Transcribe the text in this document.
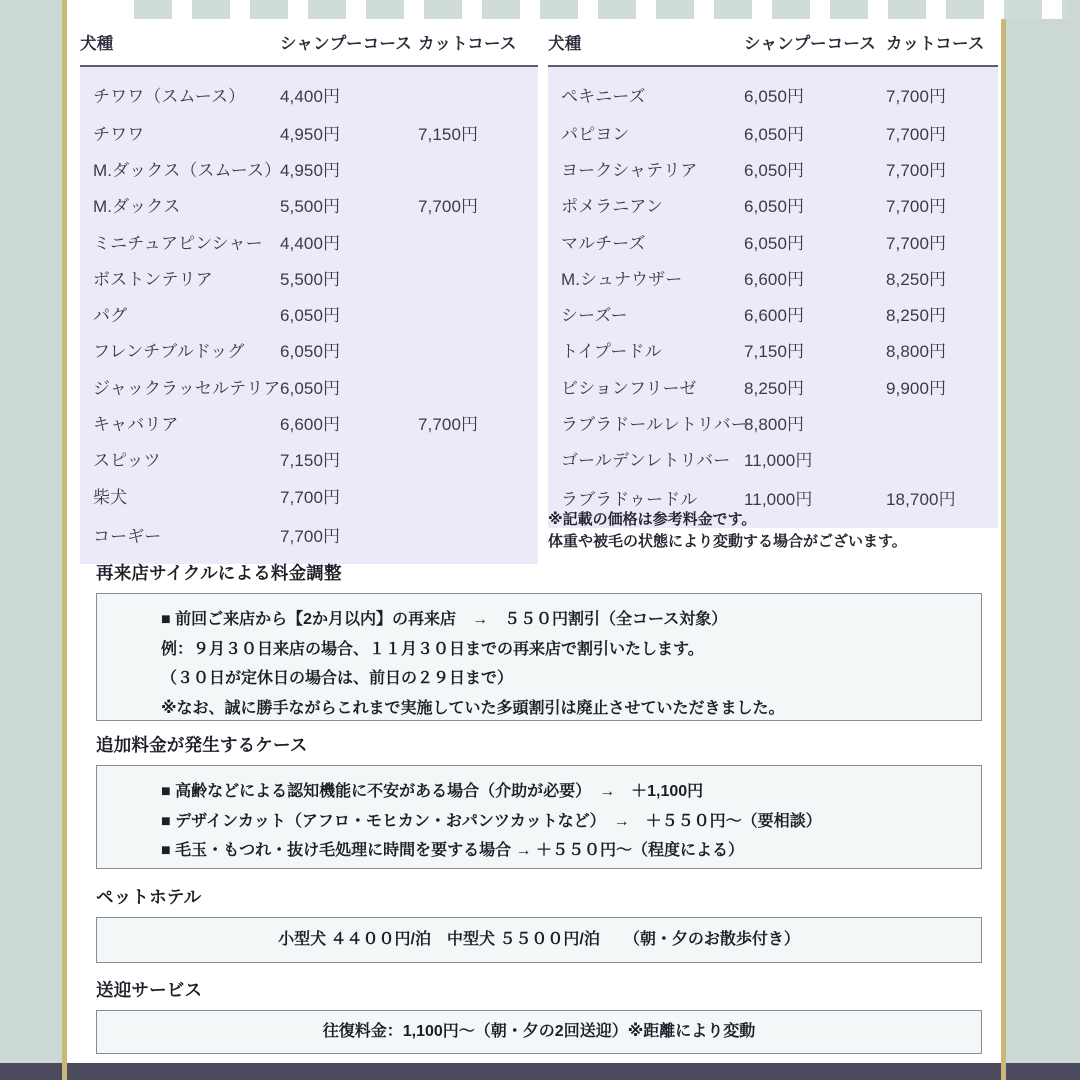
犬種	シャンプーコース	カットコース
チワワ（スムース）	4,400円	
チワワ	4,950円	7,150円
M.ダックス（スムース）	4,950円	
M.ダックス	5,500円	7,700円
ミニチュアピンシャー	4,400円	
ボストンテリア	5,500円	
パグ	6,050円	
フレンチブルドッグ	6,050円	
ジャックラッセルテリア	6,050円	
キャバリア	6,600円	7,700円
スピッツ	7,150円	
柴犬	7,700円	
コーギー	7,700円	
犬種	シャンプーコース	カットコース
ペキニーズ	6,050円	7,700円
パピヨン	6,050円	7,700円
ヨークシャテリア	6,050円	7,700円
ポメラニアン	6,050円	7,700円
マルチーズ	6,050円	7,700円
M.シュナウザー	6,600円	8,250円
シーズー	6,600円	8,250円
トイプードル	7,150円	8,800円
ビションフリーゼ	8,250円	9,900円
ラブラドールレトリバー	8,800円	
ゴールデンレトリバー	11,000円	
ラブラドゥードル	11,000円	18,700円
※記載の価格は参考料金です。
体重や被毛の状態により変動する場合がございます。
再来店サイクルによる料金調整
■ 前回ご来店から【2か月以内】の再来店　→　５５０円割引（全コース対象）
例：９月３０日来店の場合、１１月３０日までの再来店で割引いたします。
（３０日が定休日の場合は、前日の２９日まで）
※なお、誠に勝手ながらこれまで実施していた多頭割引は廃止させていただきました。
追加料金が発生するケース
■ 高齢などによる認知機能に不安がある場合（介助が必要）　→　＋1,100円
■ デザインカット（アフロ・モヒカン・おパンツカットなど）　→　＋５５０円〜（要相談）
■ 毛玉・もつれ・抜け毛処理に時間を要する場合 → ＋５５０円〜（程度による）
ペットホテル
小型犬 ４４００円/泊　中型犬 ５５００円/泊　　（朝・夕のお散歩付き）
送迎サービス
往復料金：1,100円〜（朝・夕の2回送迎）※距離により変動
